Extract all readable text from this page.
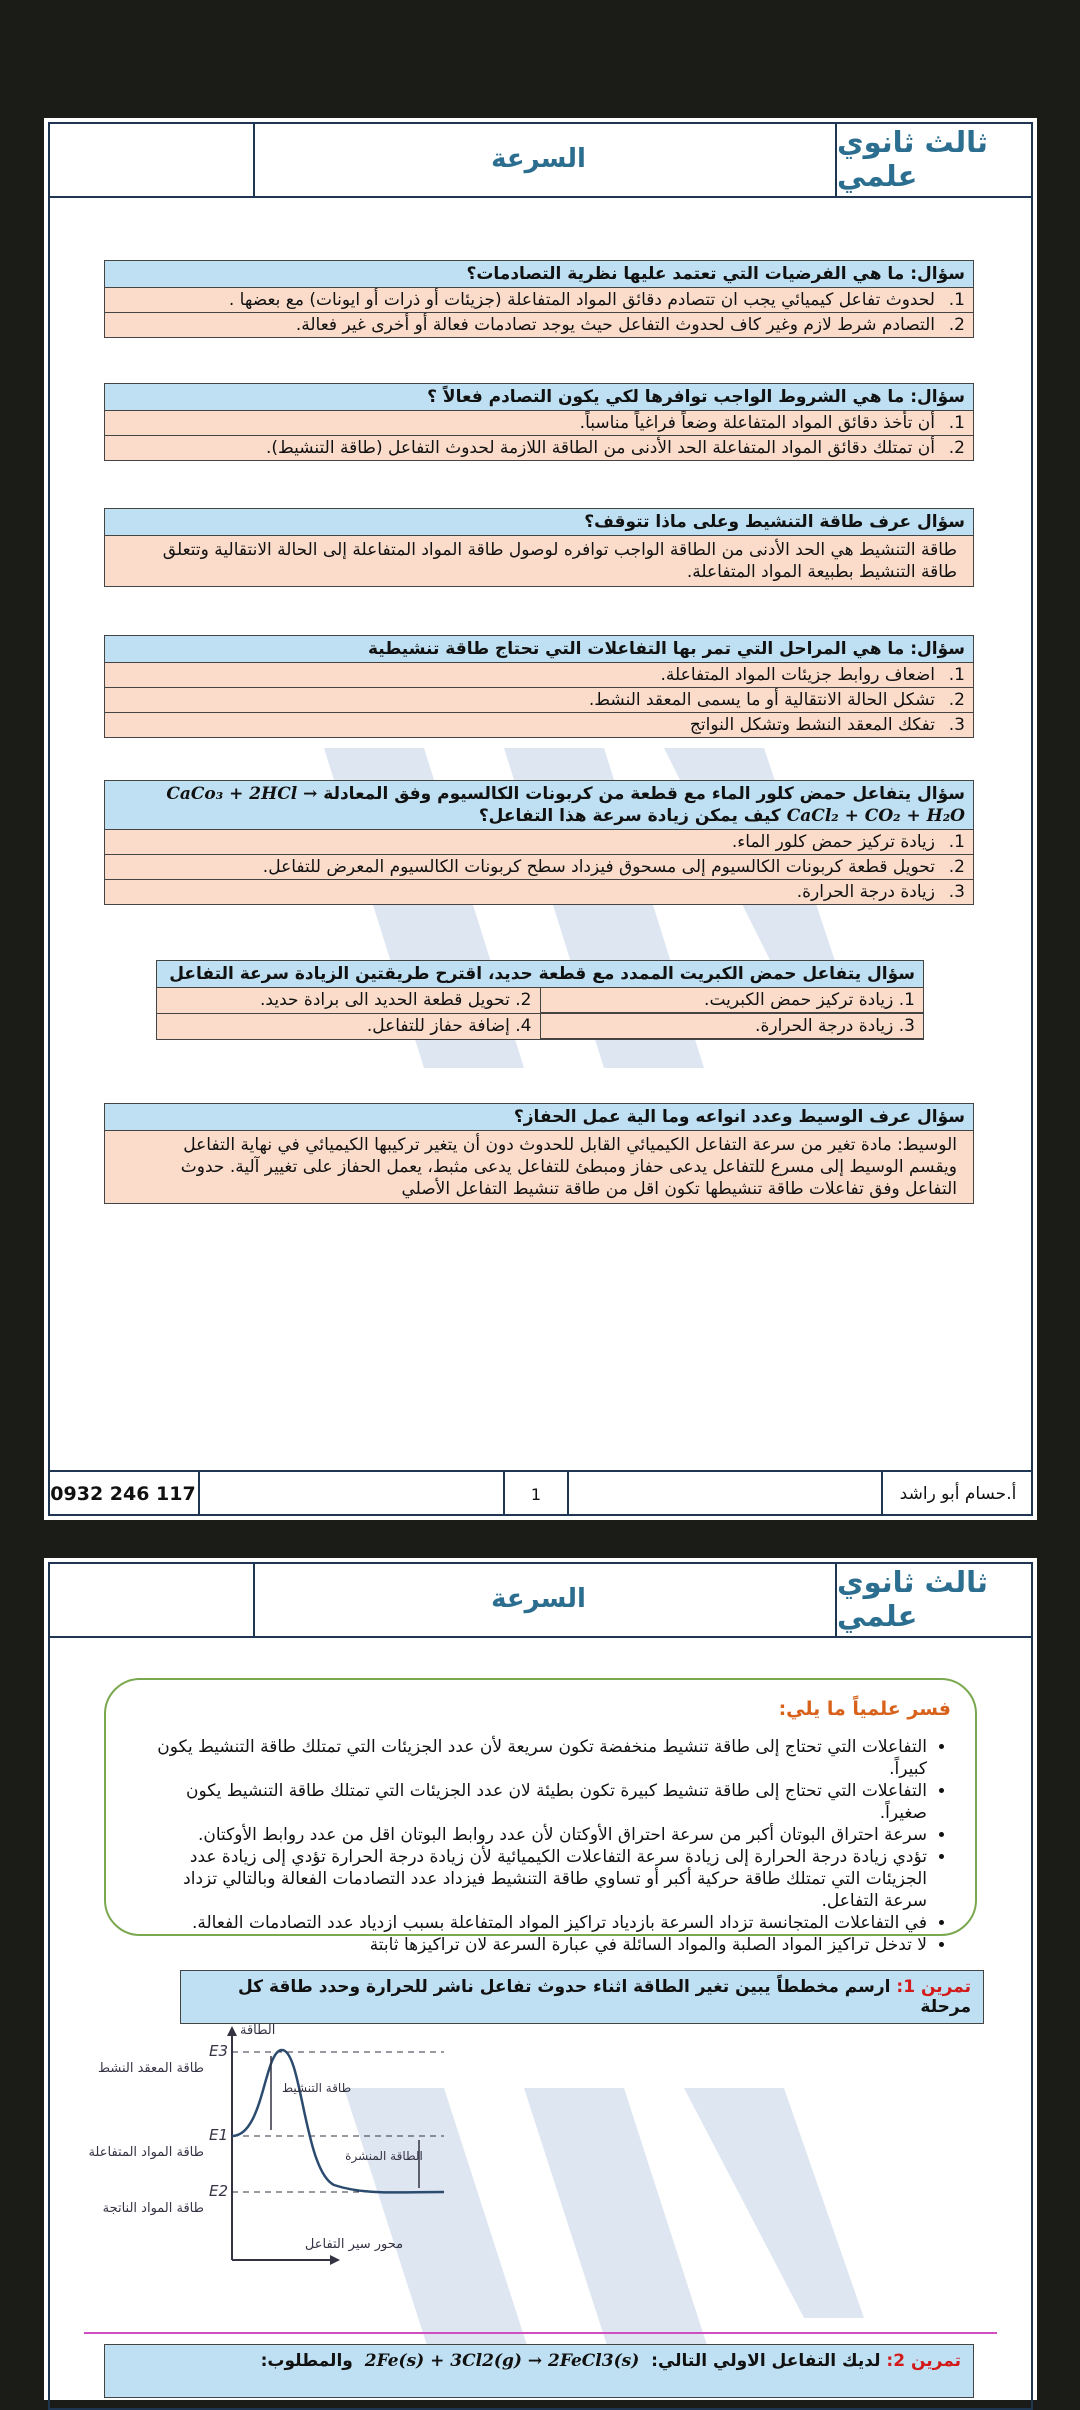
السرعة	ثالث ثانوي علمي
سؤال: ما هي الفرضيات التي تعتمد عليها نظرية التصادمات؟
1.لحدوث تفاعل كيميائي يجب ان تتصادم دقائق المواد المتفاعلة (جزيئات أو ذرات أو ايونات) مع بعضها .
2.التصادم شرط لازم وغير كاف لحدوث التفاعل حيث يوجد تصادمات فعالة أو أخرى غير فعالة.
سؤال: ما هي الشروط الواجب توافرها لكي يكون التصادم فعالاً ؟
1.أن تأخذ دقائق المواد المتفاعلة وضعاً فراغياً مناسباً.
2.أن تمتلك دقائق المواد المتفاعلة الحد الأدنى من الطاقة اللازمة لحدوث التفاعل (طاقة التنشيط).
سؤال عرف طاقة التنشيط وعلى ماذا تتوقف؟
طاقة التنشيط هي الحد الأدنى من الطاقة الواجب توافره لوصول طاقة المواد المتفاعلة إلى الحالة الانتقالية وتتعلق طاقة التنشيط بطبيعة المواد المتفاعلة.
سؤال: ما هي المراحل التي تمر بها التفاعلات التي تحتاج طاقة تنشيطية
1.اضعاف روابط جزيئات المواد المتفاعلة.
2.تشكل الحالة الانتقالية أو ما يسمى المعقد النشط.
3.تفكك المعقد النشط وتشكل النواتج
سؤال يتفاعل حمض كلور الماء مع قطعة من كربونات الكالسيوم وفق المعادلة CaCo₃ + 2HCl → CaCl₂ + CO₂ + H₂O كيف يمكن زيادة سرعة هذا التفاعل؟
1.زيادة تركيز حمض كلور الماء.
2.تحويل قطعة كربونات الكالسيوم إلى مسحوق فيزداد سطح كربونات الكالسيوم المعرض للتفاعل.
3.زيادة درجة الحرارة.
سؤال يتفاعل حمض الكبريت الممدد مع قطعة حديد، اقترح طريقتين الزيادة سرعة التفاعل
1. زيادة تركيز حمض الكبريت.
2. تحويل قطعة الحديد الى برادة حديد.
3. زيادة درجة الحرارة.
4. إضافة حفاز للتفاعل.
سؤال عرف الوسيط وعدد انواعه وما الية عمل الحفاز؟
الوسيط: مادة تغير من سرعة التفاعل الكيميائي القابل للحدوث دون أن يتغير تركيبها الكيميائي في نهاية التفاعل ويقسم الوسيط إلى مسرع للتفاعل يدعى حفاز ومبطئ للتفاعل يدعى مثبط، يعمل الحفاز على تغيير آلية. حدوث التفاعل وفق تفاعلات طاقة تنشيطها تكون اقل من طاقة تنشيط التفاعل الأصلي
0932 246 117	1	أ.حسام أبو راشد
السرعة	ثالث ثانوي علمي
فسر علمياً ما يلي:
• التفاعلات التي تحتاج إلى طاقة تنشيط منخفضة تكون سريعة لأن عدد الجزيئات التي تمتلك طاقة التنشيط يكون كبيراً.
• التفاعلات التي تحتاج إلى طاقة تنشيط كبيرة تكون بطيئة لان عدد الجزيئات التي تمتلك طاقة التنشيط يكون صغيراً.
• سرعة احتراق البوتان أكبر من سرعة احتراق الأوكتان لأن عدد روابط البوتان اقل من عدد روابط الأوكتان.
• تؤدي زيادة درجة الحرارة إلى زيادة سرعة التفاعلات الكيميائية لأن زيادة درجة الحرارة تؤدي إلى زيادة عدد الجزيئات التي تمتلك طاقة حركية أكبر أو تساوي طاقة التنشيط فيزداد عدد التصادمات الفعالة وبالتالي تزداد سرعة التفاعل.
• في التفاعلات المتجانسة تزداد السرعة بازدياد تراكيز المواد المتفاعلة بسبب ازدياد عدد التصادمات الفعالة.
• لا تدخل تراكيز المواد الصلبة والمواد السائلة في عبارة السرعة لان تراكيزها ثابتة
تمرين 1: ارسم مخططاً يبين تغير الطاقة اثناء حدوث تفاعل ناشر للحرارة وحدد طاقة كل مرحلة
الطاقة
محور سير التفاعل
طاقة التنشيط
الطاقة المنشرة
E3
E1
E2
طاقة المعقد النشط
طاقة المواد المتفاعلة
طاقة المواد الناتجة
تمرين 2: لديك التفاعل الاولي التالي: 2Fe(s) + 3Cl2(g) → 2FeCl3(s) والمطلوب:
